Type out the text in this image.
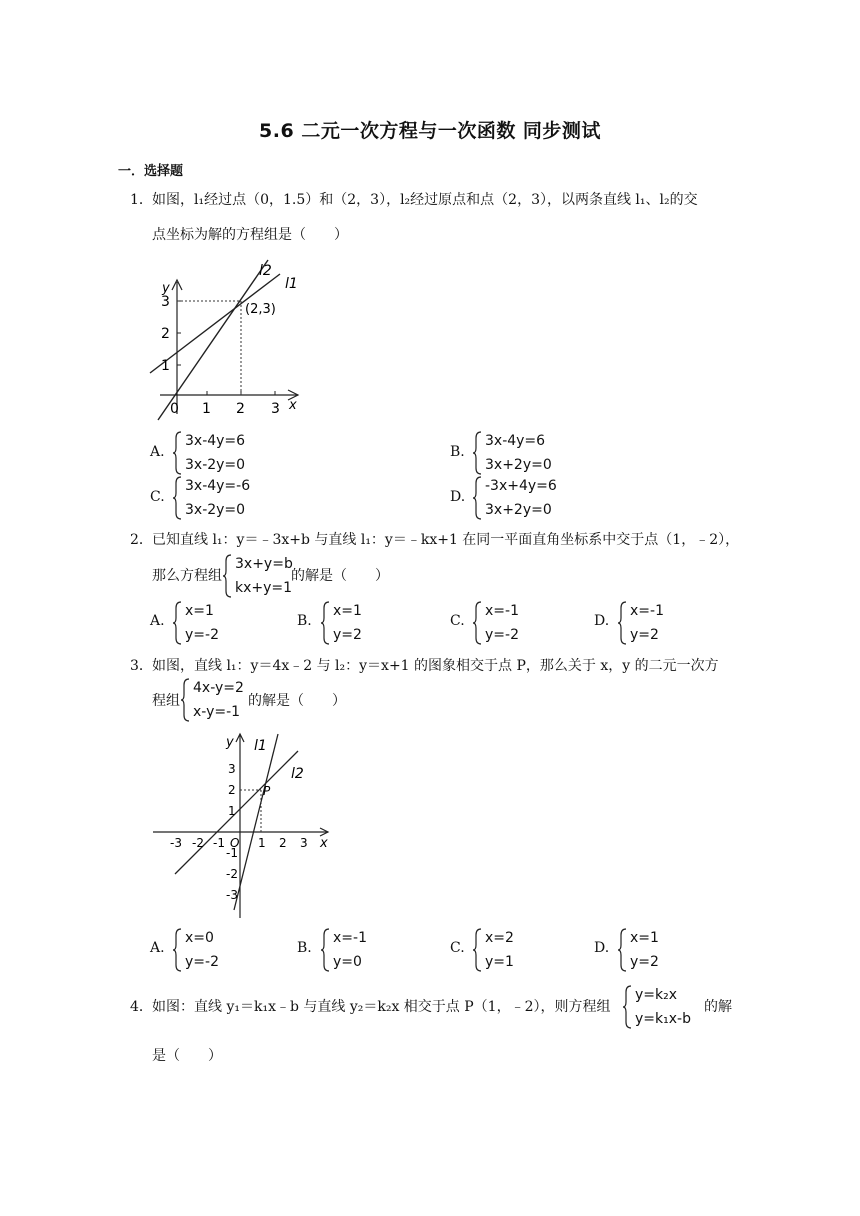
5.6 二元一次方程与一次函数 同步测试
一．选择题
1． 如图，l₁经过点（0，1.5）和（2，3），l₂经过原点和点（2，3），以两条直线 l₁、l₂的交
点坐标为解的方程组是（　　）
y
x
0 1 2 3
1
2
3	(2,3)
l2
l1
A.
3x-4y=6
3x-2y=0
B.
3x-4y=6
3x+2y=0
C.
3x-4y=-6
3x-2y=0
D.
-3x+4y=6
3x+2y=0
2． 已知直线 l₁：y＝﹣3x+b 与直线 l₁：y＝﹣kx+1 在同一平面直角坐标系中交于点（1，﹣2），
那么方程组
3x+y=b
kx+y=1
的解是（　　）
A.
x=1
y=-2
B.
x=1
y=2
C.
x=-1
y=-2
D.
x=-1
y=2
3． 如图，直线 l₁：y＝4x﹣2 与 l₂：y＝x+1 的图象相交于点 P，那么关于 x，y 的二元一次方
程组
4x-y=2
x-y=-1
的解是（　　）
y
x
-3 -2 -1 O 1 2 3
3
2
1
-1
-2
-3
P
l1
l2
A.
x=0
y=-2
B.
x=-1
y=0
C.
x=2
y=1
D.
x=1
y=2
4． 如图：直线 y₁＝k₁x﹣b 与直线 y₂＝k₂x 相交于点 P（1，﹣2），则方程组
y=k₂x
y=k₁x-b
的解
是（　　）
